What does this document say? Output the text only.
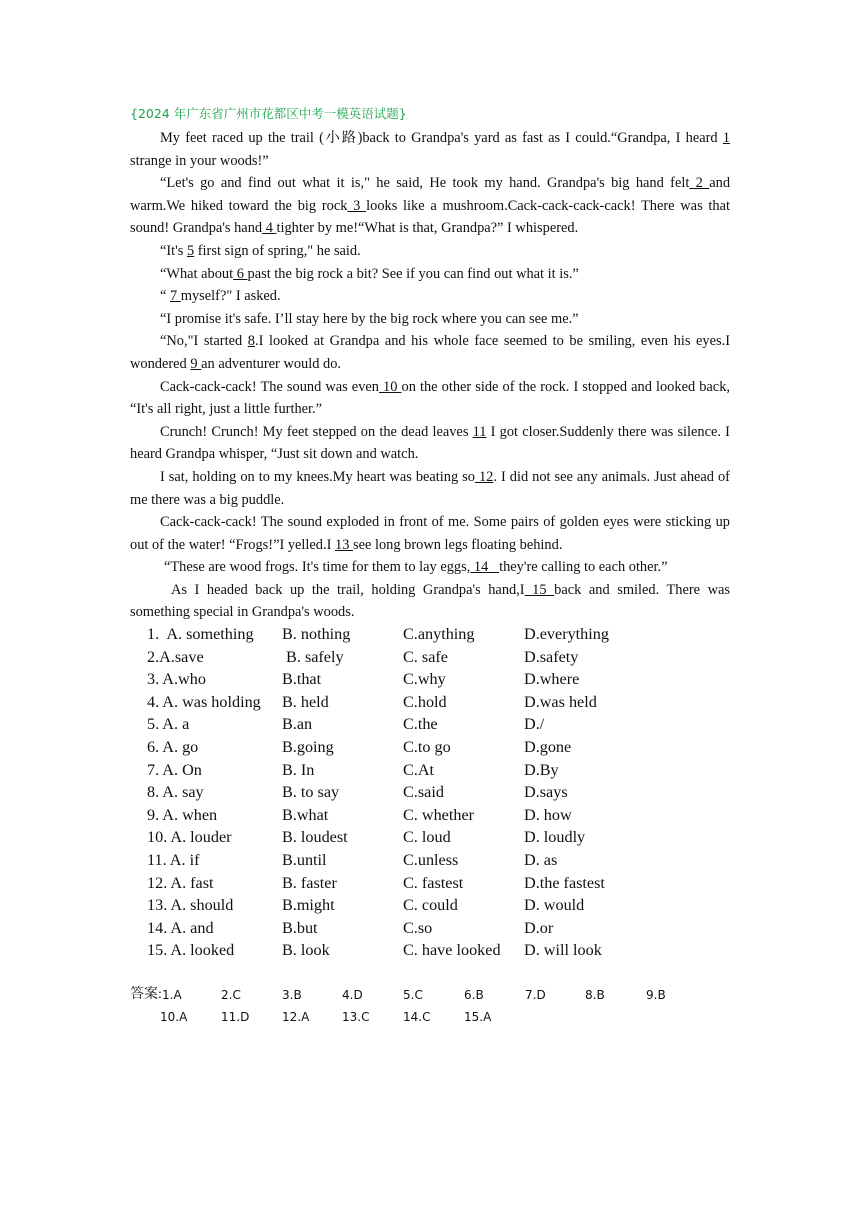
{2024 年广东省广州市花都区中考一模英语试题}

My feet raced up the trail (小路)back to Grandpa's yard as fast as I could.“Grandpa, I heard 1 strange in your woods!”

“Let's go and find out what it is," he said, He took my hand. Grandpa's big hand felt 2 and warm.We hiked toward the big rock 3 looks like a mushroom.Cack-cack-cack-cack! There was that sound! Grandpa's hand 4 tighter by me!“What is that, Grandpa?” I whispered.

“It's 5 first sign of spring," he said.

“What about 6 past the big rock a bit? See if you can find out what it is.”

“ 7 myself?" I asked.

“I promise it's safe. I’ll stay here by the big rock where you can see me.”

“No,"I started 8.I looked at Grandpa and his whole face seemed to be smiling, even his eyes.I wondered 9 an adventurer would do.

Cack-cack-cack! The sound was even 10 on the other side of the rock. I stopped and looked back, “It's all right, just a little further.”

Crunch! Crunch! My feet stepped on the dead leaves 11 I got closer.Suddenly there was silence. I heard Grandpa whisper, “Just sit down and watch.

I sat, holding on to my knees.My heart was beating so 12. I did not see any animals. Just ahead of me there was a big puddle.

Cack-cack-cack! The sound exploded in front of me. Some pairs of golden eyes were sticking up out of the water! “Frogs!”I yelled.I 13 see long brown legs floating behind.

“These are wood frogs. It's time for them to lay eggs, 14   they're calling to each other.”

As I headed back up the trail, holding Grandpa's hand,I 15 back and smiled. There was something special in Grandpa's woods.

1.  A. something B. nothing	C.anything	D.everything
2.A.save	B. safely	C. safe	D.safety
3. A.who	B.that	C.why	D.where
4. A. was holding B. held	C.hold	D.was held
5. A. a	B.an	C.the	D./
6. A. go	B.going	C.to go	D.gone
7. A. On	B. In	C.At	D.By
8. A. say	B. to say	C.said	D.says
9. A. when	B.what	C. whether	D. how
10. A. louder	B. loudest	C. loud	D. loudly
11. A. if	B.until	C.unless	D. as
12. A. fast	B. faster	C. fastest	D.the fastest
13. A. should	B.might	C. could	D. would
14. A. and	B.but	C.so	D.or
15. A. looked	B. look	C. have looked D. will look
答案: 1.A	2.C	3.B	4.D	5.C	6.B	7.D	8.B	9.B
10.A	11.D	12.A	13.C	14.C	15.A
